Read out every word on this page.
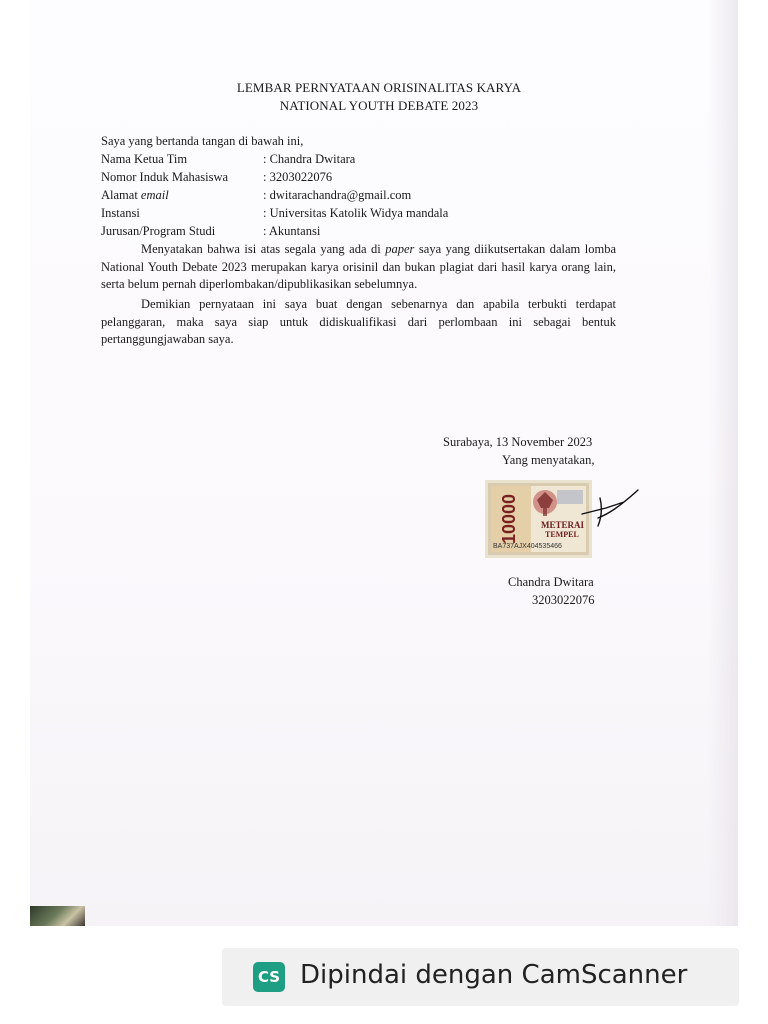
LEMBAR PERNYATAAN ORISINALITAS KARYA
NATIONAL YOUTH DEBATE 2023
Saya yang bertanda tangan di bawah ini,
Nama Ketua Tim	: Chandra Dwitara
Nomor Induk Mahasiswa	: 3203022076
Alamat email	: dwitarachandra@gmail.com
Instansi	: Universitas Katolik Widya mandala
Jurusan/Program Studi	: Akuntansi
Menyatakan bahwa isi atas segala yang ada di paper saya yang diikutsertakan dalam lomba National Youth Debate 2023 merupakan karya orisinil dan bukan plagiat dari hasil karya orang lain, serta belum pernah diperlombakan/dipublikasikan sebelumnya.
Demikian pernyataan ini saya buat dengan sebenarnya dan apabila terbukti terdapat pelanggaran, maka saya siap untuk didiskualifikasi dari perlombaan ini sebagai bentuk pertanggungjawaban saya.
Surabaya, 13 November 2023
Yang menyatakan,
10000 METERAI
TEMPEL
BA737AJX404535466
Chandra Dwitara
3203022076
CS Dipindai dengan CamScanner
